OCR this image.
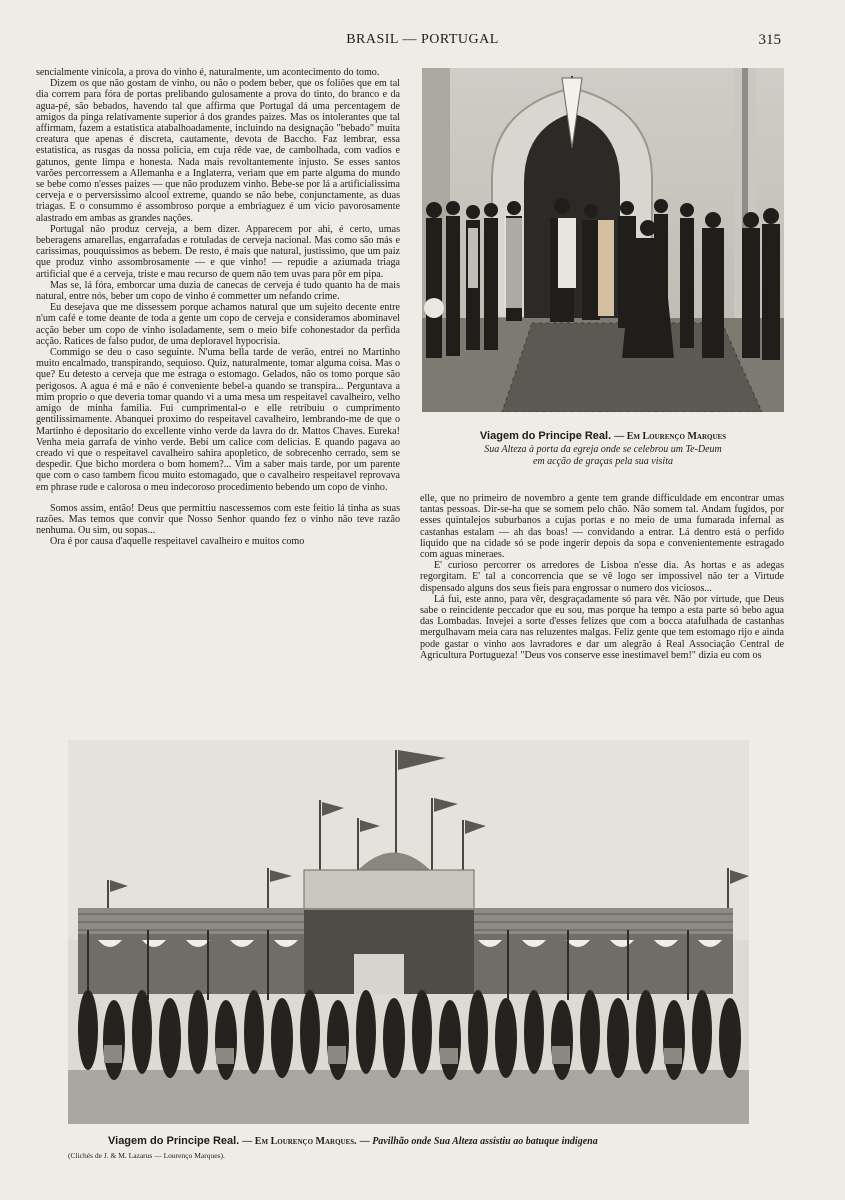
BRASIL — PORTUGAL	315

sencialmente vinícola, a prova do vinho é, naturalmente, um acontecimento do tomo.

Dizem os que não gostam de vinho, ou não o podem beber, que os foliões que em tal dia correm para fóra de portas prelibando gulosamente a prova do tinto, do branco e da agua-pé, são bebados, havendo tal que affirma que Portugal dá uma percentagem de amigos da pinga relativamente superior á dos grandes paizes. Mas os intolerantes que tal affirmam, fazem a estatistica atabalhoadamente, incluindo na designação "bebado" muita creatura que apenas é discreta, cautamente, devota de Baccho. Faz lembrar, essa estatistica, as rusgas da nossa policia, em cuja rêde vae, de cambolhada, com vadios e gatunos, gente limpa e honesta. Nada mais revoltantemente injusto. Se esses santos varões percorressem a Allemanha e a Inglaterra, veriam que em parte alguma do mundo se bebe como n'esses paizes — que não produzem vinho. Bebe-se por lá a artificialissima cerveja e o perversissimo alcool extreme, quando se não bebe, conjunctamente, as duas triagas. E o consummo é assombroso porque a embriaguez é um vicio pavorosamente alastrado em ambas as grandes nações.

Portugal não produz cerveja, a bem dizer. Apparecem por ahi, é certo, umas beberagens amarellas, engarrafadas e rotuladas de cerveja nacional. Mas como são más e carissimas, pouquissimos as bebem. De resto, é mais que natural, justissimo, que um paiz que produz vinho assombrosamente — e que vinho! — repudie a aziumada triaga artificial que é a cerveja, triste e mau recurso de quem não tem uvas para pôr em pipa.

Mas se, lá fóra, emborcar uma duzia de canecas de cerveja é tudo quanto ha de mais natural, entre nós, beber um copo de vinho é commetter um nefando crime.

Eu desejava que me dissessem porque achamos natural que um sujeito decente entre n'um café e tome deante de toda a gente um copo de cerveja e consideramos abominavel acção beber um copo de vinho isoladamente, sem o meio bife cohonestador da perfida acção. Ratices de falso pudor, de uma deploravel hypocrisia.

Commigo se deu o caso seguinte. N'uma bella tarde de verão, entrei no Martinho muito encalmado, transpirando, sequioso. Quiz, naturalmente, tomar alguma coisa. Mas o que? Eu detesto a cerveja que me estraga o estomago. Gelados, não os tomo porque são perigosos. A agua é má e não é conveniente bebel-a quando se transpira... Perguntava a mim proprio o que deveria tomar quando vi a uma mesa um respeitavel cavalheiro, velho amigo de minha familia. Fui cumprimental-o e elle retribuiu o cumprimento gentilissimamente. Abanquei proximo do respeitavel cavalheiro, lembrando-me de que o Martinho é depositario do excellente vinho verde da lavra do dr. Mattos Chaves. Eureka! Venha meia garrafa de vinho verde. Bebi um calice com delicias. E quando pagava ao creado vi que o respeitavel cavalheiro sahira apopletico, de sobrecenho cerrado, sem se despedir. Que bicho mordera o bom homem?... Vim a saber mais tarde, por um parente que com o caso tambem ficou muito estomagado, que o cavalheiro respeitavel reprovava em phrase rude e calorosa o meu indecoroso procedimento bebendo um copo de vinho.

Somos assim, então! Deus que permittiu nascessemos com este feitio lá tinha as suas razões. Mas temos que convir que Nosso Senhor quando fez o vinho não teve razão nenhuma. Ou sim, ou sopas...

Ora é por causa d'aquelle respeitavel cavalheiro e muitos como

Viagem do Principe Real. — Em Lourenço Marques
Sua Alteza à porta da egreja onde se celebrou um Te-Deum
em acção de graças pela sua visita

elle, que no primeiro de novembro a gente tem grande difficuldade em encontrar umas tantas pessoas. Dir-se-ha que se somem pelo chão. Não somem tal. Andam fugidos, por esses quintalejos suburbanos a cujas portas e no meio de uma fumarada infernal as castanhas estalam — ah das boas! — convidando a entrar. Lá dentro está o perfido liquido que na cidade só se pode ingerir depois da sopa e convenientemente estragado com aguas mineraes.

E' curioso percorrer os arredores de Lisboa n'esse dia. As hortas e as adegas regorgitam. E' tal a concorrencia que se vê logo ser impossivel não ter a Virtude dispensado alguns dos seus fieis para engrossar o numero dos viciosos...

Lá fui, este anno, para vêr, desgraçadamente só para vêr. Não por virtude, que Deus sabe o reincidente peccador que eu sou, mas porque ha tempo a esta parte só bebo agua das Lombadas. Invejei a sorte d'esses felizes que com a bocca atafulhada de castanhas mergulhavam meia cara nas reluzentes malgas. Feliz gente que tem estomago rijo e ainda pode gastar o vinho aos lavradores e dar um alegrão á Real Associação Central de Agricultura Portugueza! "Deus vos conserve esse inestimavel bem!" dizia eu com os

Viagem do Principe Real. — Em Lourenço Marques. — Pavilhão onde Sua Alteza assistiu ao batuque indigena
(Clichés de J. & M. Lazarus — Lourenço Marques).
